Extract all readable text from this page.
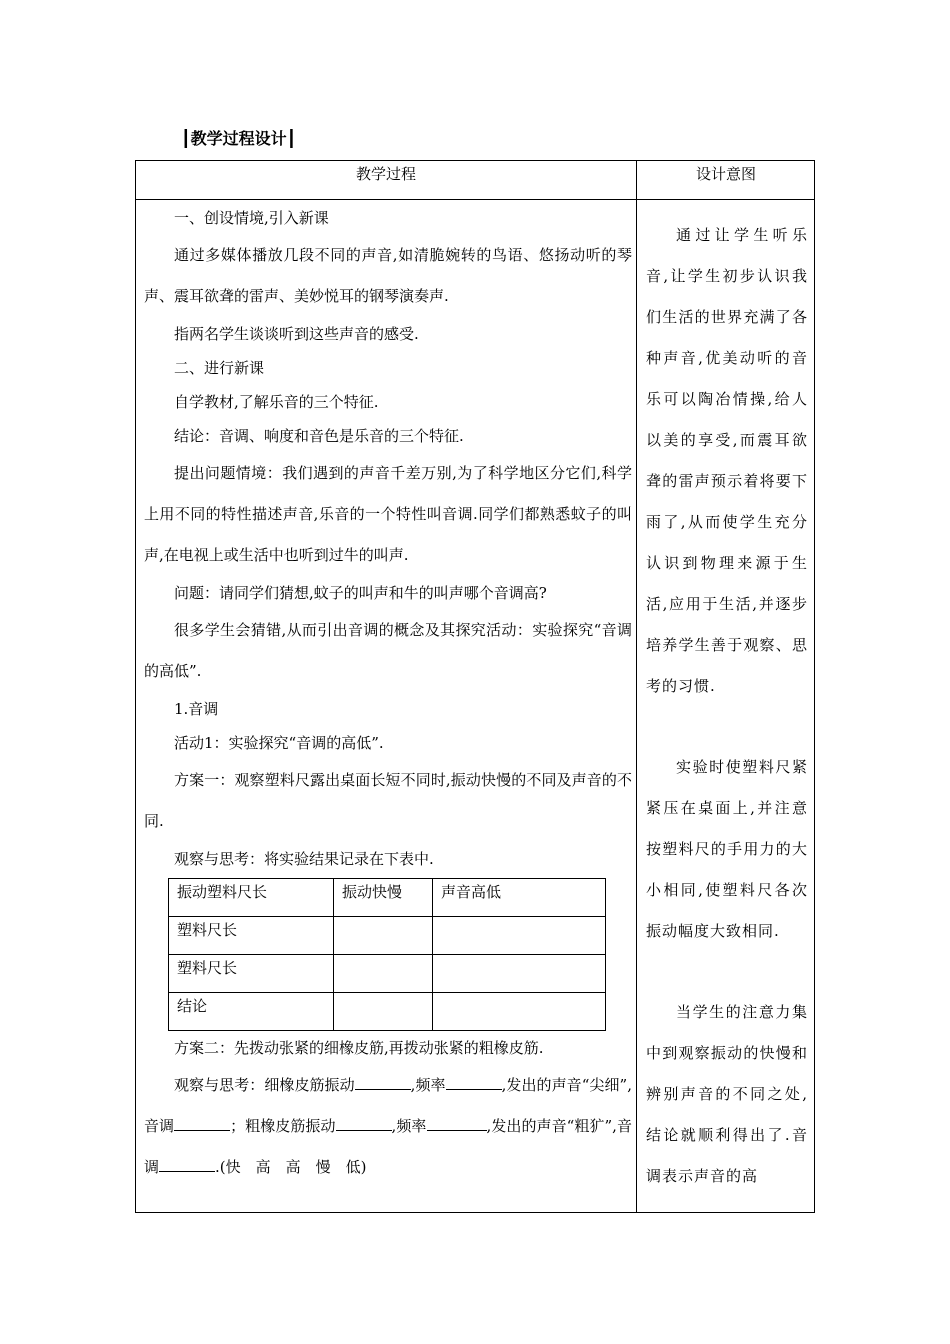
┃教学过程设计┃
教学过程	设计意图

一、创设情境,引入新课

通过多媒体播放几段不同的声音,如清脆婉转的鸟语、悠扬动听的琴声、震耳欲聋的雷声、美妙悦耳的钢琴演奏声.

指两名学生谈谈听到这些声音的感受.

二、进行新课

自学教材,了解乐音的三个特征.

结论：音调、响度和音色是乐音的三个特征.

提出问题情境：我们遇到的声音千差万别,为了科学地区分它们,科学上用不同的特性描述声音,乐音的一个特性叫音调.同学们都熟悉蚊子的叫声,在电视上或生活中也听到过牛的叫声.

问题：请同学们猜想,蚊子的叫声和牛的叫声哪个音调高?

很多学生会猜错,从而引出音调的概念及其探究活动：实验探究“音调的高低”.

1.音调

活动1：实验探究“音调的高低”.

方案一：观察塑料尺露出桌面长短不同时,振动快慢的不同及声音的不同.

观察与思考：将实验结果记录在下表中.

振动塑料尺长	振动快慢	声音高低
塑料尺长		
塑料尺长		
结论		

方案二：先拨动张紧的细橡皮筋,再拨动张紧的粗橡皮筋.

观察与思考：细橡皮筋振动	,频率	,发出的声音“尖细”,音调	；粗橡皮筋振动	,频率	,发出的声音“粗犷”,音调	.(快　高　高　慢　低)

通过让学生听乐音,让学生初步认识我们生活的世界充满了各种声音,优美动听的音乐可以陶冶情操,给人以美的享受,而震耳欲聋的雷声预示着将要下雨了,从而使学生充分认识到物理来源于生活,应用于生活,并逐步培养学生善于观察、思考的习惯.

实验时使塑料尺紧紧压在桌面上,并注意按塑料尺的手用力的大小相同,使塑料尺各次振动幅度大致相同.

当学生的注意力集中到观察振动的快慢和辨别声音的不同之处,结论就顺利得出了.音调表示声音的高
